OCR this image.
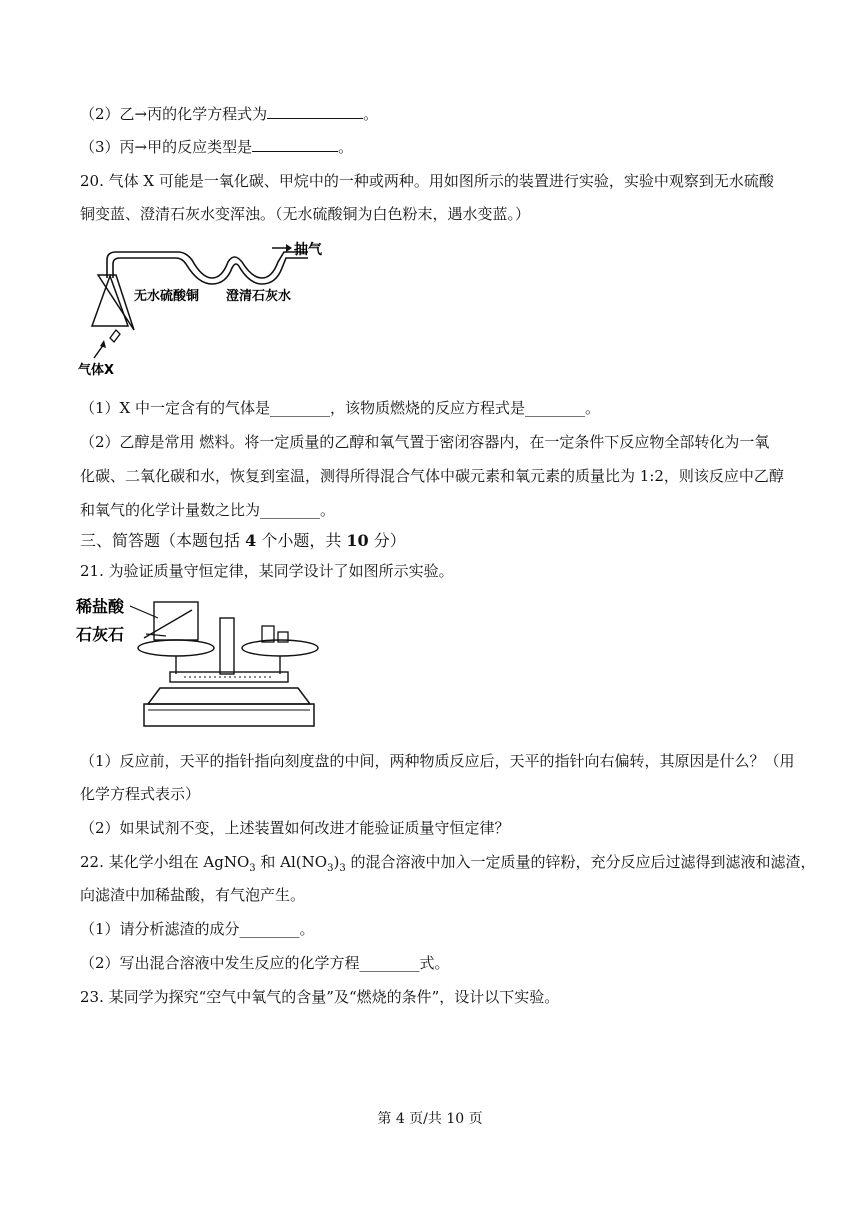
（2）乙→丙的化学方程式为	。
（3）丙→甲的反应类型是	。
20. 气体 X 可能是一氧化碳、甲烷中的一种或两种。用如图所示的装置进行实验，实验中观察到无水硫酸
铜变蓝、澄清石灰水变浑浊。（无水硫酸铜为白色粉末，遇水变蓝。）
抽气
无水硫酸铜 澄清石灰水
气体X
（1）X 中一定含有的气体是________，该物质燃烧的反应方程式是________。
（2）乙醇是常用 燃料。将一定质量的乙醇和氧气置于密闭容器内，在一定条件下反应物全部转化为一氧
化碳、二氧化碳和水，恢复到室温，测得所得混合气体中碳元素和氧元素的质量比为 1:2，则该反应中乙醇
和氧气的化学计量数之比为________。
三、简答题（本题包括 4 个小题，共 10 分）
21. 为验证质量守恒定律，某同学设计了如图所示实验。
稀盐酸
石灰石
（1）反应前，天平的指针指向刻度盘的中间，两种物质反应后，天平的指针向右偏转，其原因是什么？（用
化学方程式表示）
（2）如果试剂不变，上述装置如何改进才能验证质量守恒定律？
22. 某化学小组在 AgNO$_3$ 和 $Al(NO_3)_3$ 的混合溶液中加入一定质量的锌粉，充分反应后过滤得到滤液和滤渣，
向滤渣中加稀盐酸，有气泡产生。
（1）请分析滤渣的成分________。
（2）写出混合溶液中发生反应的化学方程________式。
23. 某同学为探究“空气中氧气的含量”及“燃烧的条件”，设计以下实验。
第 4 页/共 10 页
